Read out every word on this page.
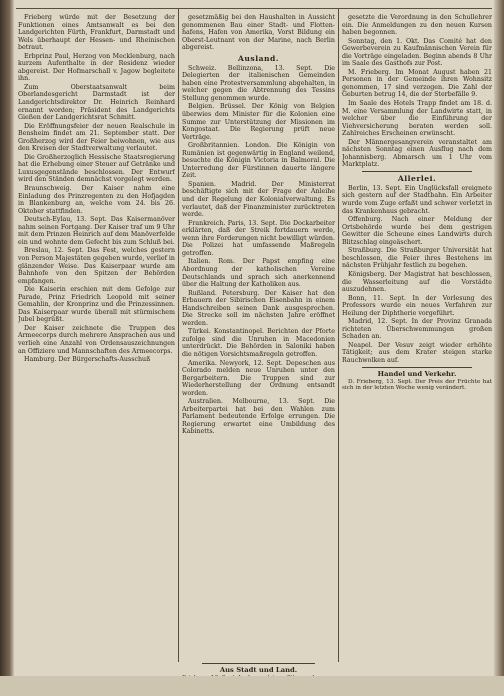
Frieberg würde mit der Besetzung der Funktionen eines Amtsanwalt es bei den Landgerichten Fürth, Frankfurt, Darmstadt und Wels überhaupt der Hessen- und Rheinischen betraut.

Erbprinz Paul, Herzog von Mecklenburg, nach kurzem Aufenthalte in der Residenz wieder abgereist. Der Hofmarschall v. Jagow begleitete ihn.

Zum Oberstaatsanwalt beim Oberlandesgericht Darmstadt ist der Landgerichtsdirektor Dr. Heinrich Reinhard ernannt worden; Präsident des Landgerichts Gießen der Landgerichtsrat Schmitt.

Die Eröffnungsfeier der neuen Realschule in Bensheim findet am 21. September statt. Der Großherzog wird der Feier beiwohnen, wie aus den Kreisen der Stadtverwaltung verlautet.

Die Großherzoglich Hessische Staatsregierung hat die Erhebung einer Steuer auf Getränke und Luxusgegenstände beschlossen. Der Entwurf wird den Ständen demnächst vorgelegt werden.

Braunschweig. Der Kaiser nahm eine Einladung des Prinzregenten zu den Hofjagden in Blankenburg an, welche vom 24. bis 26. Oktober stattfinden.

Deutsch-Eylau, 13. Sept. Das Kaisermanöver nahm seinen Fortgang. Der Kaiser traf um 9 Uhr mit dem Prinzen Heinrich auf dem Manöverfelde ein und wohnte dem Gefecht bis zum Schluß bei.

Breslau, 12. Sept. Das Fest, welches gestern von Person Majestäten gegeben wurde, verlief in glänzender Weise. Das Kaiserpaar wurde am Bahnhofe von den Spitzen der Behörden empfangen.

Die Kaiserin erschien mit dem Gefolge zur Parade, Prinz Friedrich Leopold mit seiner Gemahlin, der Kronprinz und die Prinzessinnen. Das Kaiserpaar wurde überall mit stürmischem Jubel begrüßt.

Der Kaiser zeichnete die Truppen des Armeecorps durch mehrere Ansprachen aus und verlieh eine Anzahl von Ordensauszeichnungen an Offiziere und Mannschaften des Armeecorps.

Hamburg. Der Bürgerschafts-Ausschuß

gesetzmäßig bei den Haushalten in Aussicht genommenen Bau einer Stadt- und Flottenhafens, Hafen von Amerika, Vorst Bildung ein Oberst-Leutnant von der Marine, nach Berlin abgereist.

Ausland.

Schweiz. Bellinzona, 13. Sept. Die Delegierten der italienischen Gemeinden haben eine Protestversammlung abgehalten, in welcher gegen die Abtrennung des Tessins Stellung genommen wurde.

Belgien. Brüssel. Der König von Belgien überwies dem Minister für die Kolonien eine Summe zur Unterstützung der Missionen im Kongostaat. Die Regierung prüft neue Verträge.

Großbritannien. London. Die Königin von Rumänien ist gegenwärtig in England weilend, besuchte die Königin Victoria in Balmoral. Die Unterredung der Fürstinnen dauerte längere Zeit.

Spanien. Madrid. Der Ministerrat beschäftigte sich mit der Frage der Anleihe und der Regelung der Kolonialverwaltung. Es verlautet, daß der Finanzminister zurücktreten werde.

Frankreich. Paris, 13. Sept. Die Dockarbeiter erklärten, daß der Streik fortdauern werde, wenn ihre Forderungen nicht bewilligt würden. Die Polizei hat umfassende Maßregeln getroffen.

Italien. Rom. Der Papst empfing eine Abordnung der katholischen Vereine Deutschlands und sprach sich anerkennend über die Haltung der Katholiken aus.

Rußland. Petersburg. Der Kaiser hat den Erbauern der Sibirischen Eisenbahn in einem Handschreiben seinen Dank ausgesprochen. Die Strecke soll im nächsten Jahre eröffnet werden.

Türkei. Konstantinopel. Berichten der Pforte zufolge sind die Unruhen in Macedonien unterdrückt. Die Behörden in Saloniki haben die nötigen Vorsichtsmaßregeln getroffen.

Amerika. Newyork, 12. Sept. Depeschen aus Colorado melden neue Unruhen unter den Bergarbeitern. Die Truppen sind zur Wiederherstellung der Ordnung entsandt worden.

Australien. Melbourne, 13. Sept. Die Arbeiterpartei hat bei den Wahlen zum Parlament bedeutende Erfolge errungen. Die Regierung erwartet eine Umbildung des Kabinetts.

Aus Stadt und Land.

gesetzte die Verordnung in den Schullehrer ein. Die Anmeldungen zu den neuen Kursen haben begonnen.

Sonntag, den 1. Okt. Das Comité hat den Gewerbeverein zu Kaufmännischen Verein für die Vorträge eingeladen. Beginn abends 8 Uhr im Saale des Gasthofs zur Post.

M. Frieberg. Im Monat August haben 21 Personen in der Gemeinde ihren Wohnsitz genommen, 17 sind verzogen. Die Zahl der Geburten betrug 14, die der Sterbefälle 9.

Im Saale des Hotels Trapp findet am 18. d. M. eine Versammlung der Landwirte statt, in welcher über die Einführung der Viehversicherung beraten werden soll. Zahlreiches Erscheinen erwünscht.

Der Männergesangverein veranstaltet am nächsten Sonntag einen Ausflug nach dem Johannisberg. Abmarsch um 1 Uhr vom Marktplatz.

Allerlei.

Berlin, 13. Sept. Ein Unglücksfall ereignete sich gestern auf der Stadtbahn. Ein Arbeiter wurde vom Zuge erfaßt und schwer verletzt in das Krankenhaus gebracht.

Offenburg. Nach einer Meldung der Ortsbehörde wurde bei dem gestrigen Gewitter die Scheune eines Landwirts durch Blitzschlag eingeäschert.

Straßburg. Die Straßburger Universität hat beschlossen, die Feier ihres Bestehens im nächsten Frühjahr festlich zu begehen.

Königsberg. Der Magistrat hat beschlossen, die Wasserleitung auf die Vorstädte auszudehnen.

Bonn, 11. Sept. In der Vorlesung des Professors wurde ein neues Verfahren zur Heilung der Diphtherie vorgeführt.

Madrid, 12. Sept. In der Provinz Granada richteten Überschwemmungen großen Schaden an.

Neapel. Der Vesuv zeigt wieder erhöhte Tätigkeit; aus dem Krater steigen starke Rauchwolken auf.

Handel und Verkehr.

D. Frieberg, 13. Sept. Der Preis der Früchte hat sich in der letzten Woche wenig verändert.
